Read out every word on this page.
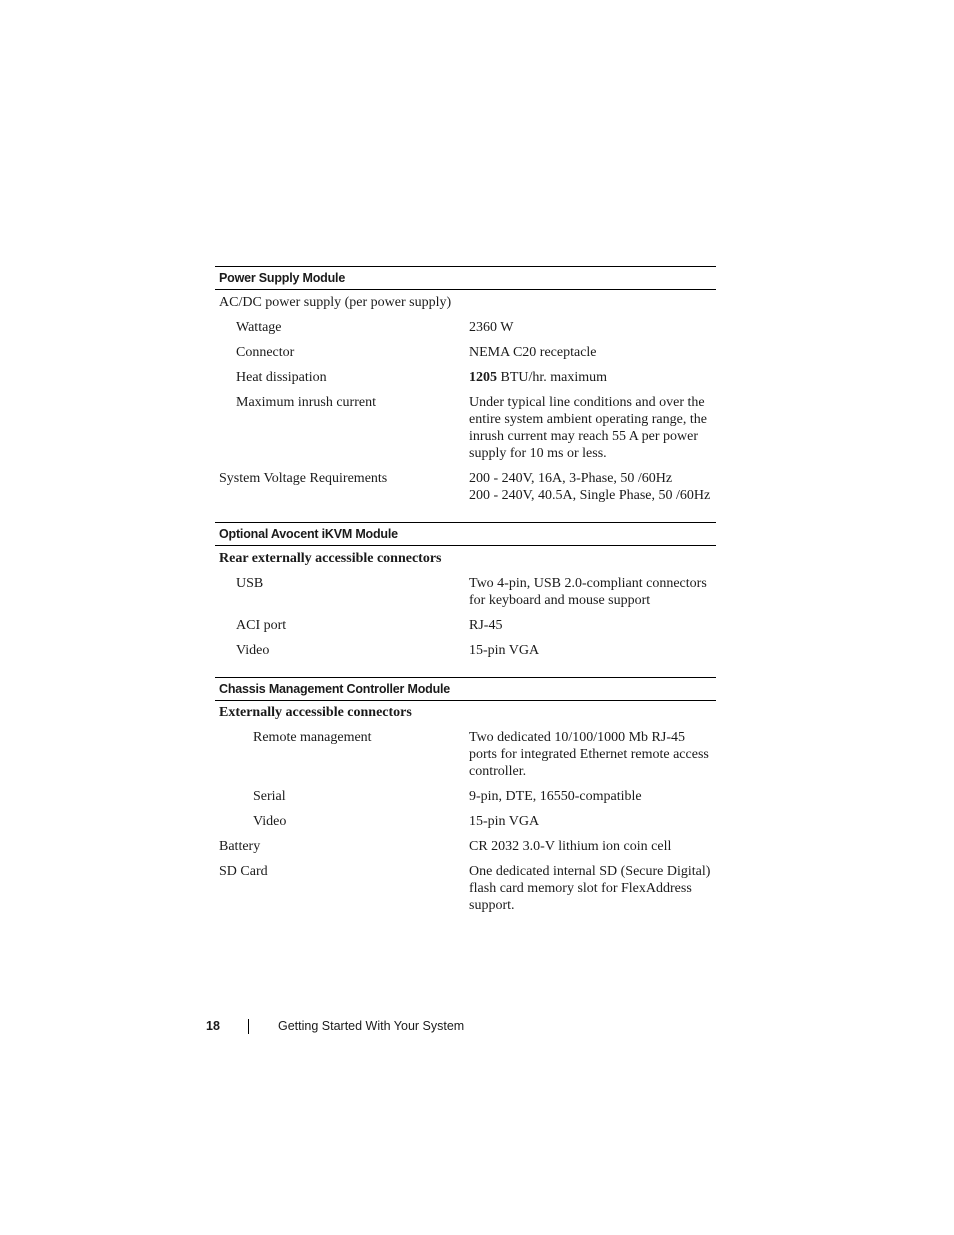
Power Supply Module
AC/DC power supply (per power supply)
Wattage	2360 W
Connector	NEMA C20 receptacle
Heat dissipation	1205 BTU/hr. maximum
Maximum inrush current	Under typical line conditions and over the entire system ambient operating range, the inrush current may reach 55 A per power supply for 10 ms or less.
System Voltage Requirements	200 - 240V, 16A, 3-Phase, 50 /60Hz
200 - 240V, 40.5A, Single Phase, 50 /60Hz
Optional Avocent iKVM Module
Rear externally accessible connectors
USB	Two 4-pin, USB 2.0-compliant connectors for keyboard and mouse support
ACI port	RJ-45
Video	15-pin VGA
Chassis Management Controller Module
Externally accessible connectors
Remote management	Two dedicated 10/100/1000 Mb RJ-45 ports for integrated Ethernet remote access controller.
Serial	9-pin, DTE, 16550-compatible
Video	15-pin VGA
Battery	CR 2032 3.0-V lithium ion coin cell
SD Card	One dedicated internal SD (Secure Digital) flash card memory slot for FlexAddress support.
18	Getting Started With Your System
